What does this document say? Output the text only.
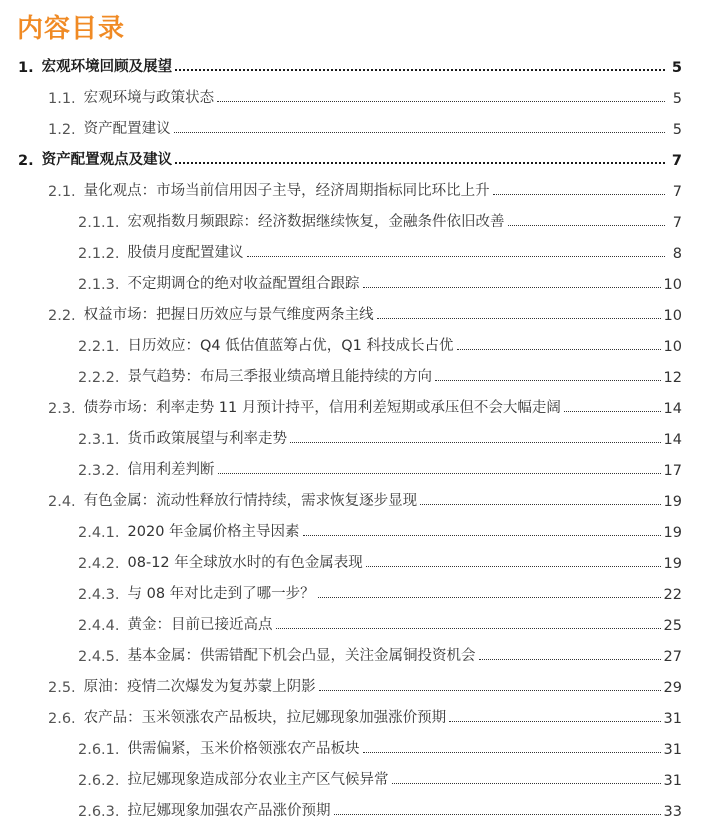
内容目录
1. 宏观环境回顾及展望	5
1.1. 宏观环境与政策状态	5
1.2. 资产配置建议	5
2. 资产配置观点及建议	7
2.1. 量化观点：市场当前信用因子主导，经济周期指标同比环比上升	7
2.1.1. 宏观指数月频跟踪：经济数据继续恢复，金融条件依旧改善	7
2.1.2. 股债月度配置建议	8
2.1.3. 不定期调仓的绝对收益配置组合跟踪	10
2.2. 权益市场：把握日历效应与景气维度两条主线	10
2.2.1. 日历效应：Q4 低估值蓝筹占优，Q1 科技成长占优	10
2.2.2. 景气趋势：布局三季报业绩高增且能持续的方向	12
2.3. 债券市场：利率走势 11 月预计持平，信用利差短期或承压但不会大幅走阔	14
2.3.1. 货币政策展望与利率走势	14
2.3.2. 信用利差判断	17
2.4. 有色金属：流动性释放行情持续，需求恢复逐步显现	19
2.4.1. 2020 年金属价格主导因素	19
2.4.2. 08-12 年全球放水时的有色金属表现	19
2.4.3. 与 08 年对比走到了哪一步？	22
2.4.4. 黄金：目前已接近高点	25
2.4.5. 基本金属：供需错配下机会凸显，关注金属铜投资机会	27
2.5. 原油：疫情二次爆发为复苏蒙上阴影	29
2.6. 农产品：玉米领涨农产品板块，拉尼娜现象加强涨价预期	31
2.6.1. 供需偏紧，玉米价格领涨农产品板块	31
2.6.2. 拉尼娜现象造成部分农业主产区气候异常	31
2.6.3. 拉尼娜现象加强农产品涨价预期	33
